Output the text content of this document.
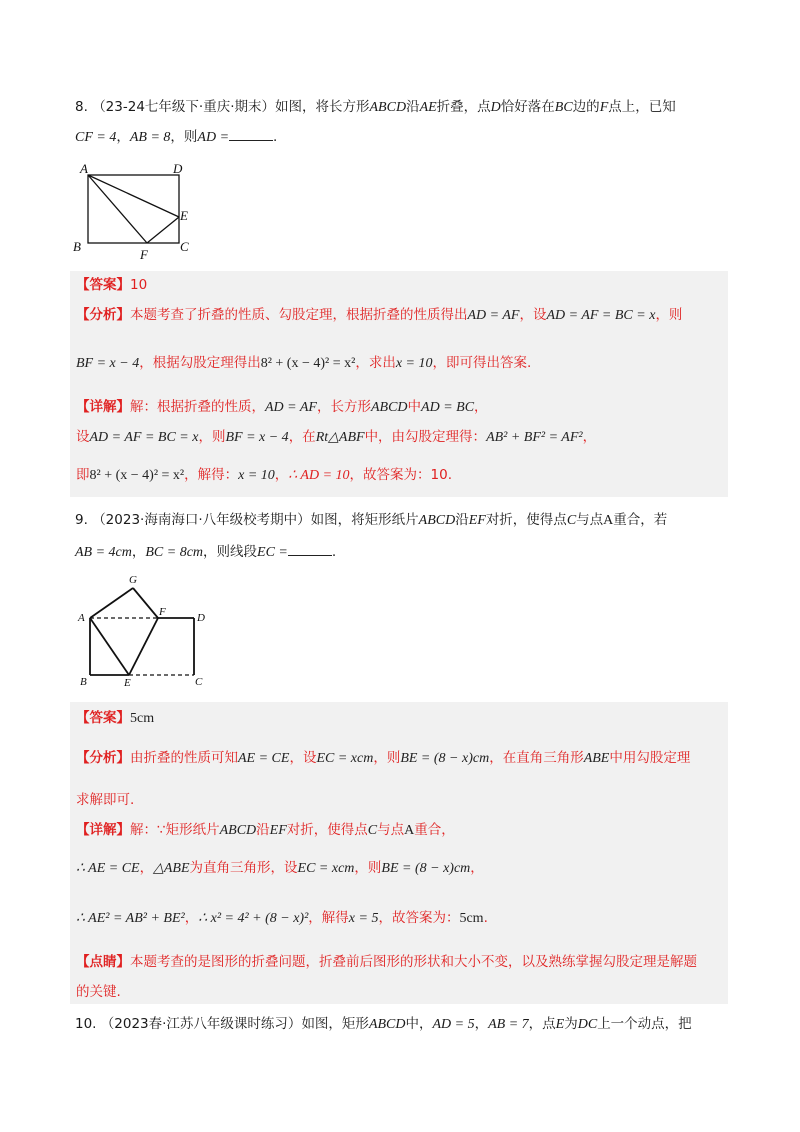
8. （23-24七年级下·重庆·期末）如图，将长方形ABCD沿AE折叠，点D恰好落在BC边的F点上，已知
CF = 4，AB = 8，则AD =	.
A	D
E
B
F
C
【答案】10
【分析】本题考查了折叠的性质、勾股定理，根据折叠的性质得出AD = AF，设AD = AF = BC = x，则
BF = x − 4，根据勾股定理得出8² + (x − 4)² = x²，求出x = 10，即可得出答案.
【详解】解：根据折叠的性质，AD = AF，长方形ABCD中AD = BC，
设AD = AF = BC = x，则BF = x − 4，在Rt△ABF中，由勾股定理得：AB² + BF² = AF²，
即8² + (x − 4)² = x²，解得：x = 10，∴ AD = 10，故答案为：10.
9. （2023·海南海口·八年级校考期中）如图，将矩形纸片ABCD沿EF对折，使得点C与点A重合，若
AB = 4cm，BC = 8cm，则线段EC =	.
G
A	F	D
B	E	C
【答案】5cm
【分析】由折叠的性质可知AE = CE，设EC = xcm，则BE = (8 − x)cm，在直角三角形ABE中用勾股定理
求解即可.
【详解】解：∵矩形纸片ABCD沿EF对折，使得点C与点A重合，
∴ AE = CE，△ABE为直角三角形，设EC = xcm，则BE = (8 − x)cm，
∴ AE² = AB² + BE²，∴ x² = 4² + (8 − x)²，解得x = 5，故答案为：5cm.
【点睛】本题考查的是图形的折叠问题，折叠前后图形的形状和大小不变，以及熟练掌握勾股定理是解题
的关键.
10. （2023春·江苏八年级课时练习）如图，矩形ABCD中，AD = 5，AB = 7，点E为DC上一个动点，把
